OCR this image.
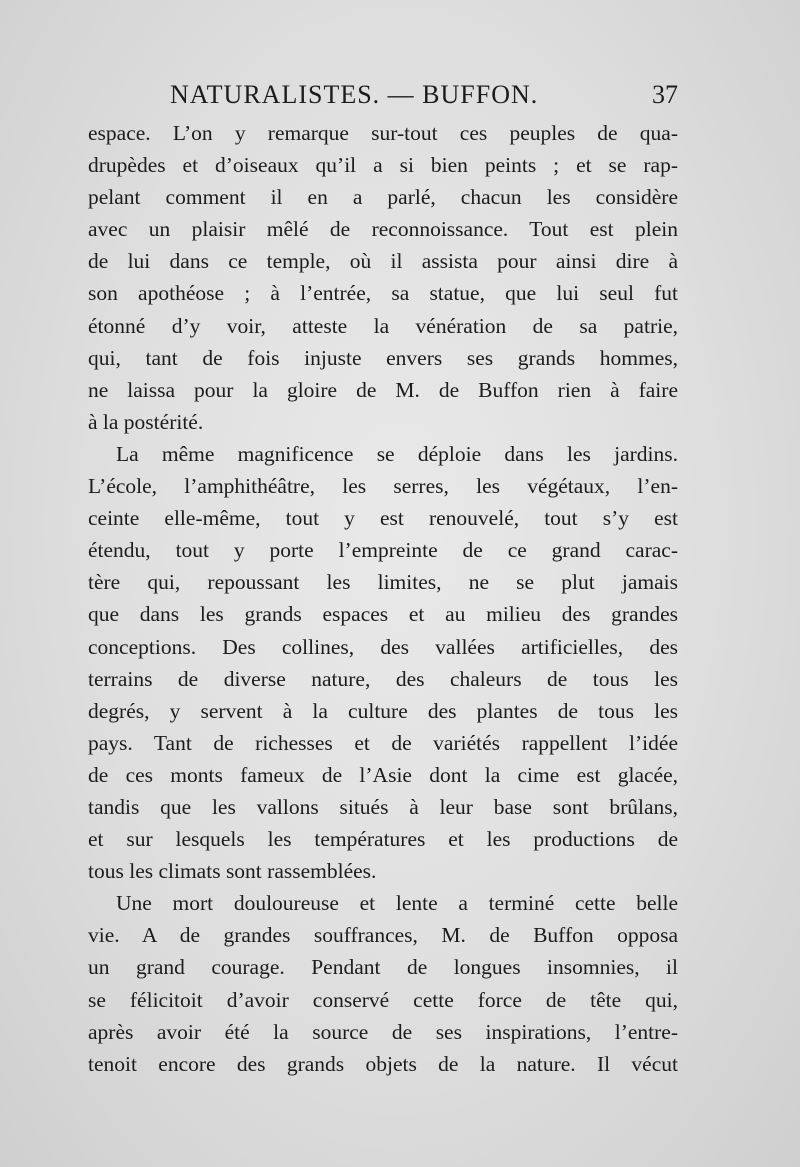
NATURALISTES. — BUFFON.	37
espace. L’on y remarque sur-tout ces peuples de qua-
drupèdes et d’oiseaux qu’il a si bien peints ; et se rap-
pelant comment il en a parlé, chacun les considère
avec un plaisir mêlé de reconnoissance. Tout est plein
de lui dans ce temple, où il assista pour ainsi dire à
son apothéose ; à l’entrée, sa statue, que lui seul fut
étonné d’y voir, atteste la vénération de sa patrie,
qui, tant de fois injuste envers ses grands hommes,
ne laissa pour la gloire de M. de Buffon rien à faire
à la postérité.
La même magnificence se déploie dans les jardins.
L’école, l’amphithéâtre, les serres, les végétaux, l’en-
ceinte elle-même, tout y est renouvelé, tout s’y est
étendu, tout y porte l’empreinte de ce grand carac-
tère qui, repoussant les limites, ne se plut jamais
que dans les grands espaces et au milieu des grandes
conceptions. Des collines, des vallées artificielles, des
terrains de diverse nature, des chaleurs de tous les
degrés, y servent à la culture des plantes de tous les
pays. Tant de richesses et de variétés rappellent l’idée
de ces monts fameux de l’Asie dont la cime est glacée,
tandis que les vallons situés à leur base sont brûlans,
et sur lesquels les températures et les productions de
tous les climats sont rassemblées.
Une mort douloureuse et lente a terminé cette belle
vie. A de grandes souffrances, M. de Buffon opposa
un grand courage. Pendant de longues insomnies, il
se félicitoit d’avoir conservé cette force de tête qui,
après avoir été la source de ses inspirations, l’entre-
tenoit encore des grands objets de la nature. Il vécut
